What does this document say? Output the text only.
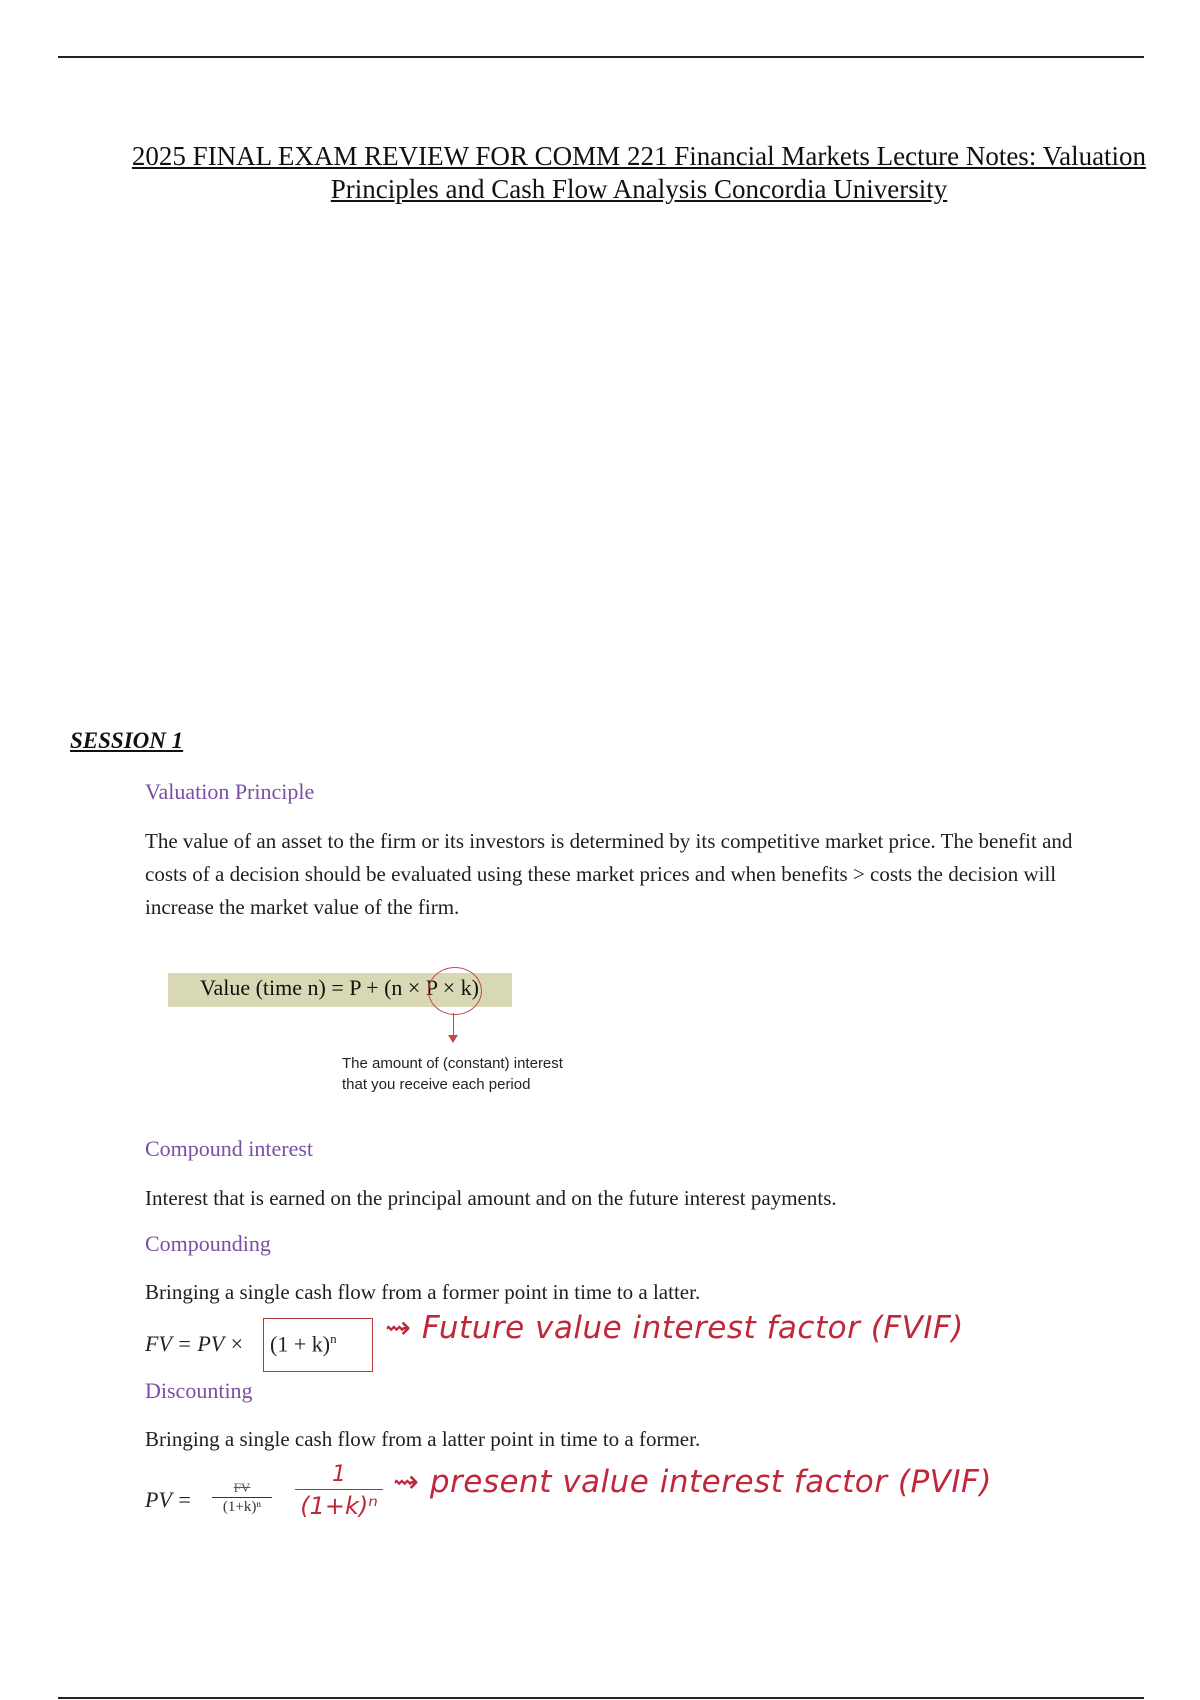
2025 FINAL EXAM REVIEW FOR COMM 221 Financial Markets Lecture Notes: Valuation Principles and Cash Flow Analysis Concordia University
SESSION 1
Valuation Principle
The value of an asset to the firm or its investors is determined by its competitive market price. The benefit and costs of a decision should be evaluated using these market prices and when benefits > costs the decision will increase the market value of the firm.
Value (time n) = P + (n × P × k)
The amount of (constant) interest that you receive each period
Compound interest
Interest that is earned on the principal amount and on the future interest payments.
Compounding
Bringing a single cash flow from a former point in time to a latter.
FV = PV × $(1 + k)^n$ ⇝ Future value interest factor (FVIF)
Discounting
Bringing a single cash flow from a latter point in time to a former.
PV =	FV
(1+k)ⁿ
1
(1+k)ⁿ
⇝ present value interest factor (PVIF)
